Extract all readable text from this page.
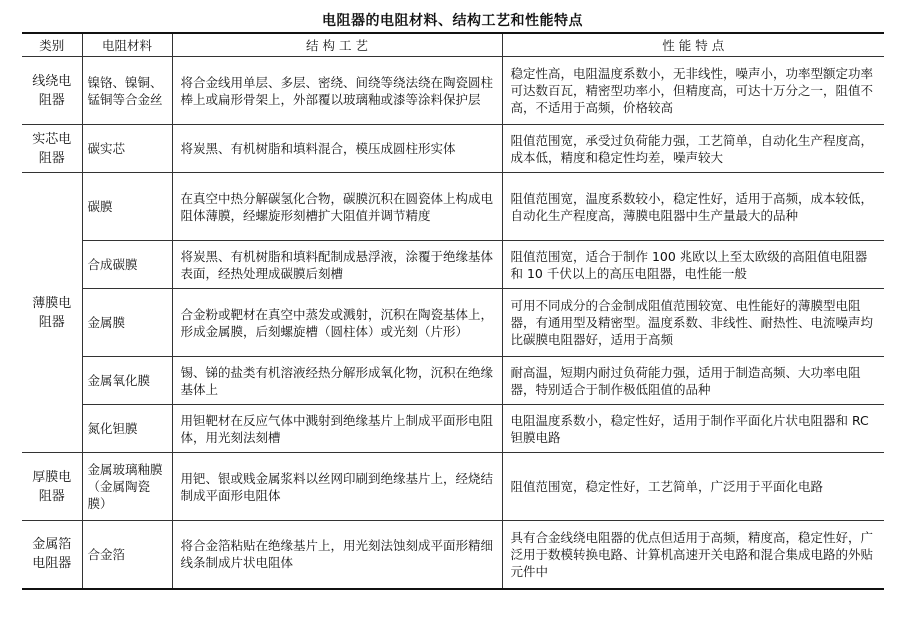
电阻器的电阻材料、结构工艺和性能特点
类别	电阻材料	结 构 工 艺	性 能 特 点
线绕电阻器	镍铬、镍铜、锰铜等合金丝	将合金线用单层、多层、密绕、间绕等绕法绕在陶瓷圆柱棒上或扁形骨架上，外部覆以玻璃釉或漆等涂料保护层	稳定性高，电阻温度系数小，无非线性，噪声小，功率型额定功率可达数百瓦，精密型功率小，但精度高，可达十万分之一，阻值不高，不适用于高频，价格较高
实芯电阻器	碳实芯	将炭黑、有机树脂和填料混合，模压成圆柱形实体	阻值范围宽，承受过负荷能力强，工艺简单，自动化生产程度高，成本低，精度和稳定性均差，噪声较大
薄膜电阻器	碳膜	在真空中热分解碳氢化合物，碳膜沉积在圆瓷体上构成电阻体薄膜，经螺旋形刻槽扩大阻值并调节精度	阻值范围宽，温度系数较小，稳定性好，适用于高频，成本较低，自动化生产程度高，薄膜电阻器中生产量最大的品种
	合成碳膜	将炭黑、有机树脂和填料配制成悬浮液，涂覆于绝缘基体表面，经热处理成碳膜后刻槽	阻值范围宽，适合于制作 100 兆欧以上至太欧级的高阻值电阻器和 10 千伏以上的高压电阻器，电性能一般
	金属膜	合金粉或靶材在真空中蒸发或溅射，沉积在陶瓷基体上，形成金属膜，后刻螺旋槽（圆柱体）或光刻（片形）	可用不同成分的合金制成阻值范围较宽、电性能好的薄膜型电阻器，有通用型及精密型。温度系数、非线性、耐热性、电流噪声均比碳膜电阻器好，适用于高频
	金属氧化膜	锡、锑的盐类有机溶液经热分解形成氧化物，沉积在绝缘基体上	耐高温，短期内耐过负荷能力强，适用于制造高频、大功率电阻器，特别适合于制作极低阻值的品种
	氮化钽膜	用钽靶材在反应气体中溅射到绝缘基片上制成平面形电阻体，用光刻法刻槽	电阻温度系数小，稳定性好，适用于制作平面化片状电阻器和 RC 钽膜电路
厚膜电阻器	金属玻璃釉膜（金属陶瓷膜）	用钯、银或贱金属浆料以丝网印刷到绝缘基片上，经烧结制成平面形电阻体	阻值范围宽，稳定性好，工艺简单，广泛用于平面化电路
金属箔电阻器	合金箔	将合金箔粘贴在绝缘基片上，用光刻法蚀刻成平面形精细线条制成片状电阻体	具有合金线绕电阻器的优点但适用于高频，精度高，稳定性好，广泛用于数模转换电路、计算机高速开关电路和混合集成电路的外贴元件中
